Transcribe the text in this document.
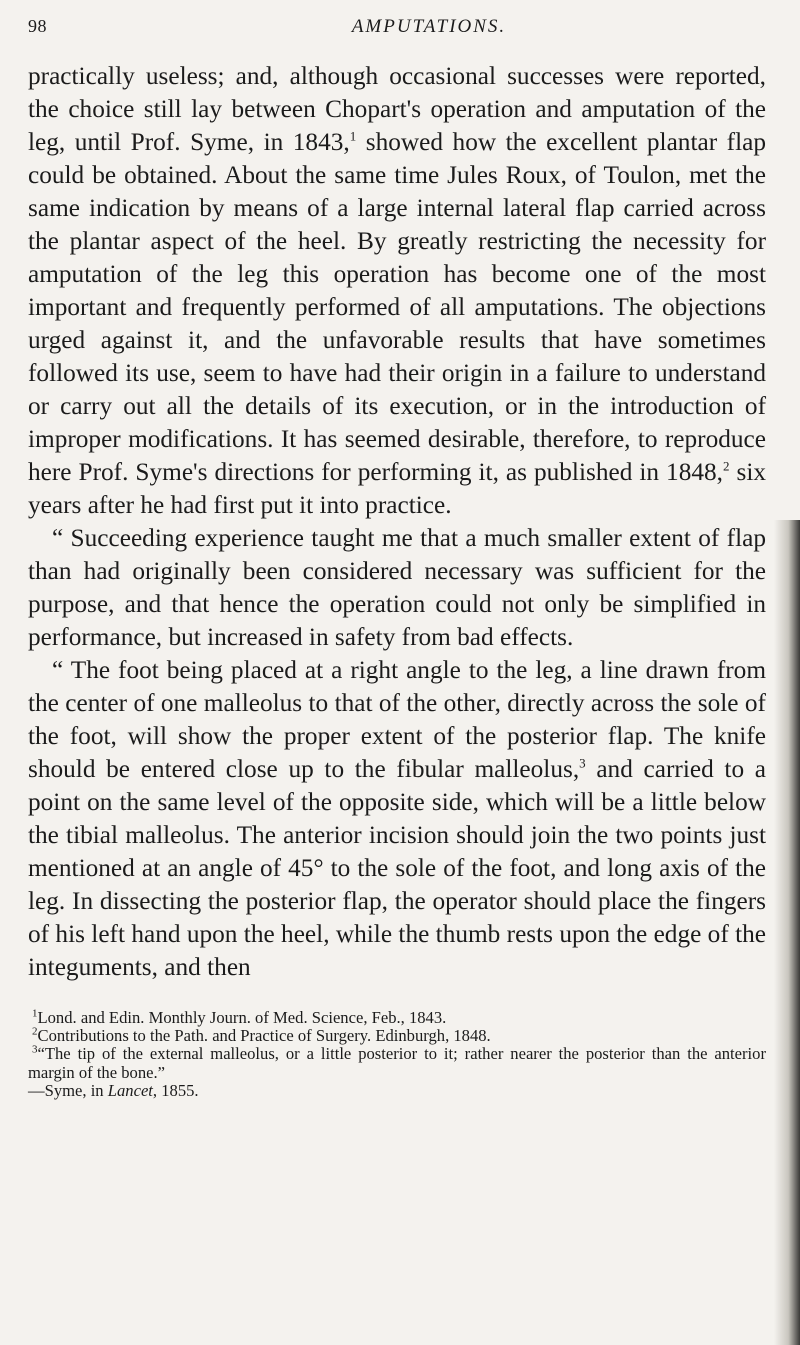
98	AMPUTATIONS.

practically useless; and, although occasional successes were reported, the choice still lay between Chopart's operation and amputation of the leg, until Prof. Syme, in 1843,$^1$ showed how the excellent plantar flap could be obtained. About the same time Jules Roux, of Toulon, met the same indication by means of a large internal lateral flap carried across the plantar aspect of the heel. By greatly restricting the necessity for amputation of the leg this operation has become one of the most important and frequently performed of all amputations. The objections urged against it, and the unfavorable results that have sometimes followed its use, seem to have had their origin in a failure to understand or carry out all the details of its execution, or in the introduction of improper modifications. It has seemed desirable, therefore, to reproduce here Prof. Syme's directions for performing it, as published in 1848,$^2$ six years after he had first put it into practice.

“ Succeeding experience taught me that a much smaller extent of flap than had originally been considered necessary was sufficient for the purpose, and that hence the operation could not only be simplified in performance, but increased in safety from bad effects.

“ The foot being placed at a right angle to the leg, a line drawn from the center of one malleolus to that of the other, directly across the sole of the foot, will show the proper extent of the posterior flap. The knife should be entered close up to the fibular malleolus,$^3$ and carried to a point on the same level of the opposite side, which will be a little below the tibial malleolus. The anterior incision should join the two points just mentioned at an angle of 45° to the sole of the foot, and long axis of the leg. In dissecting the posterior flap, the operator should place the fingers of his left hand upon the heel, while the thumb rests upon the edge of the integuments, and then

$^1$Lond. and Edin. Monthly Journ. of Med. Science, Feb., 1843.
$^2$Contributions to the Path. and Practice of Surgery. Edinburgh, 1848.
$^3$“The tip of the external malleolus, or a little posterior to it; rather nearer the posterior than the anterior margin of the bone.”
—Syme, in Lancet, 1855.
